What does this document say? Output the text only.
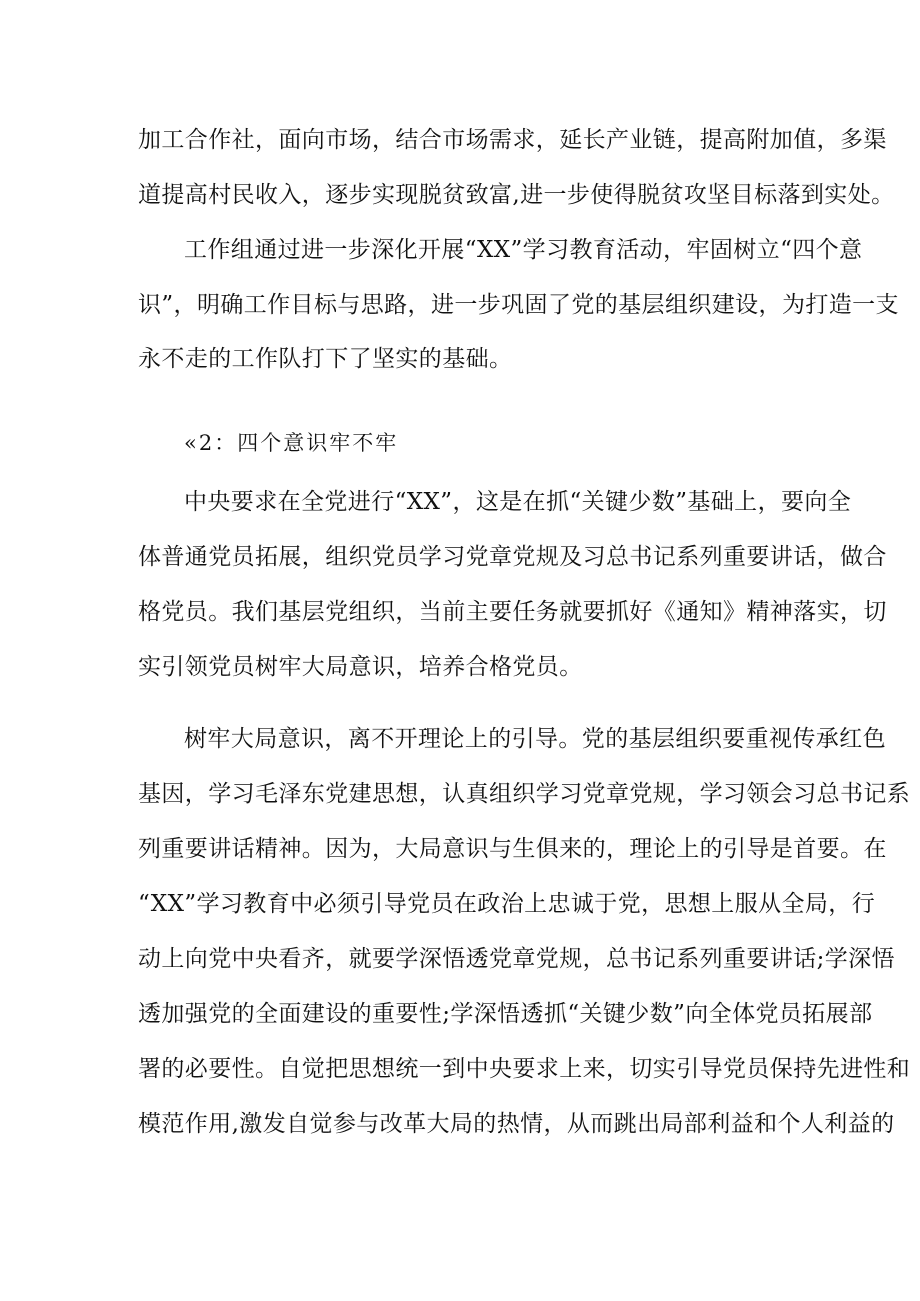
加工合作社，面向市场，结合市场需求，延长产业链，提高附加值，多渠
道提高村民收入，逐步实现脱贫致富,进一步使得脱贫攻坚目标落到实处。
工作组通过进一步深化开展“XX”学习教育活动，牢固树立“四个意
识”，明确工作目标与思路，进一步巩固了党的基层组织建设，为打造一支
永不走的工作队打下了坚实的基础。
«2：四个意识牢不牢
中央要求在全党进行“XX”，这是在抓“关键少数”基础上，要向全
体普通党员拓展，组织党员学习党章党规及习总书记系列重要讲话，做合
格党员。我们基层党组织，当前主要任务就要抓好《通知》精神落实，切
实引领党员树牢大局意识，培养合格党员。
树牢大局意识，离不开理论上的引导。党的基层组织要重视传承红色
基因，学习毛泽东党建思想，认真组织学习党章党规，学习领会习总书记系
列重要讲话精神。因为，大局意识与生俱来的，理论上的引导是首要。在
“XX”学习教育中必须引导党员在政治上忠诚于党，思想上服从全局，行
动上向党中央看齐，就要学深悟透党章党规，总书记系列重要讲话;学深悟
透加强党的全面建设的重要性;学深悟透抓“关键少数”向全体党员拓展部
署的必要性。自觉把思想统一到中央要求上来，切实引导党员保持先进性和
模范作用,激发自觉参与改革大局的热情，从而跳出局部利益和个人利益的
